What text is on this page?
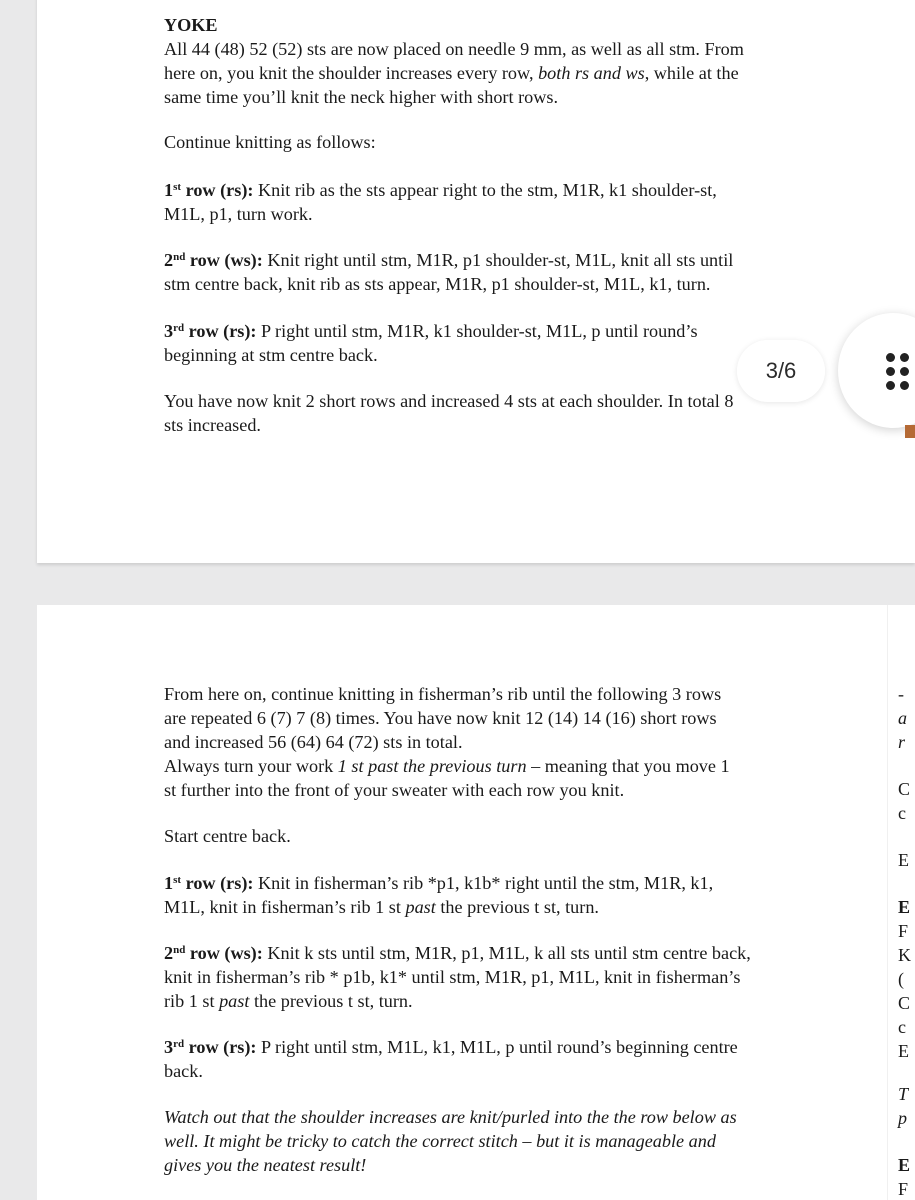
YOKE

All 44 (48) 52 (52) sts are now placed on needle 9 mm, as well as all stm. From

here on, you knit the shoulder increases every row, both rs and ws, while at the

same time you’ll knit the neck higher with short rows.

Continue knitting as follows:

1st row (rs): Knit rib as the sts appear right to the stm, M1R, k1 shoulder-st,

M1L, p1, turn work.

2nd row (ws): Knit right until stm, M1R, p1 shoulder-st, M1L, knit all sts until

stm centre back, knit rib as sts appear, M1R, p1 shoulder-st, M1L, k1, turn.

3rd row (rs): P right until stm, M1R, k1 shoulder-st, M1L, p until round’s

beginning at stm centre back.

You have now knit 2 short rows and increased 4 sts at each shoulder. In total 8

sts increased.

From here on, continue knitting in fisherman’s rib until the following 3 rows

are repeated 6 (7) 7 (8) times. You have now knit 12 (14) 14 (16) short rows

and increased 56 (64) 64 (72) sts in total.

Always turn your work 1 st past the previous turn – meaning that you move 1

st further into the front of your sweater with each row you knit.

Start centre back.

1st row (rs): Knit in fisherman’s rib *p1, k1b* right until the stm, M1R, k1,

M1L, knit in fisherman’s rib 1 st past the previous t st, turn.

2nd row (ws): Knit k sts until stm, M1R, p1, M1L, k all sts until stm centre back,

knit in fisherman’s rib * p1b, k1* until stm, M1R, p1, M1L, knit in fisherman’s

rib 1 st past the previous t st, turn.

3rd row (rs): P right until stm, M1L, k1, M1L, p until round’s beginning centre

back.

Watch out that the shoulder increases are knit/purled into the the row below as

well. It might be tricky to catch the correct stitch – but it is manageable and

gives you the neatest result!

-
a
r
C
c
E
E
F
K
(
C
c
E
T
p
E
F
3/6
